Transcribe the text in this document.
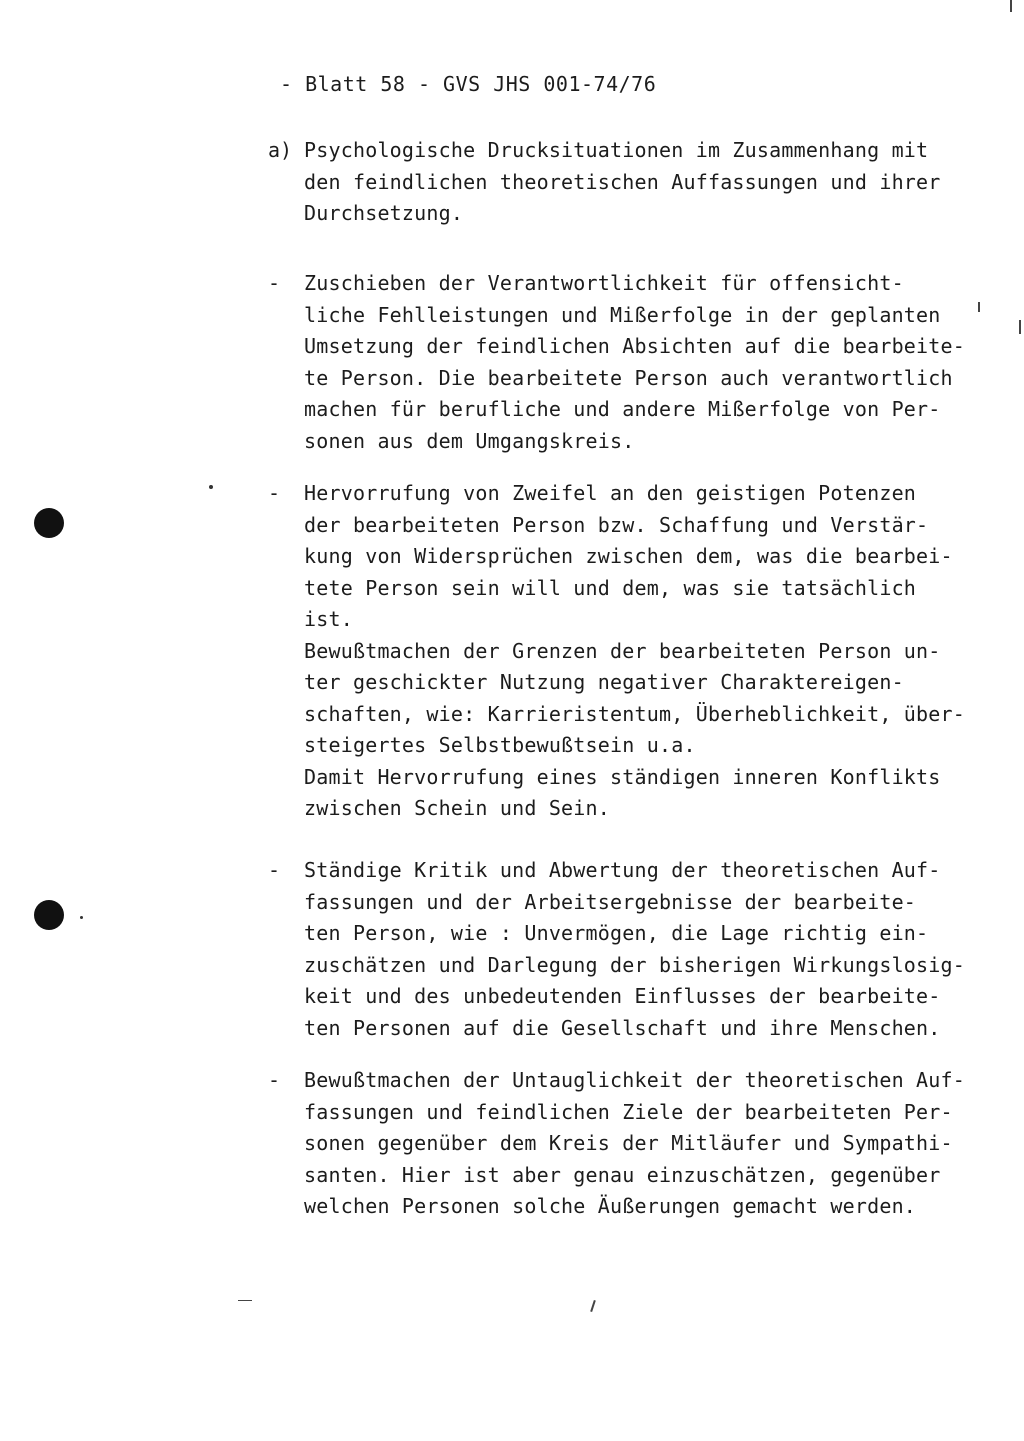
- Blatt 58 - GVS JHS 001-74/76
a) Psychologische Drucksituationen im Zusammenhang mit
den feindlichen theoretischen Auffassungen und ihrer
Durchsetzung.
- Zuschieben der Verantwortlichkeit für offensicht-
liche Fehlleistungen und Mißerfolge in der geplanten
Umsetzung der feindlichen Absichten auf die bearbeite-
te Person. Die bearbeitete Person auch verantwortlich
machen für berufliche und andere Mißerfolge von Per-
sonen aus dem Umgangskreis.
- Hervorrufung von Zweifel an den geistigen Potenzen
der bearbeiteten Person bzw. Schaffung und Verstär-
kung von Widersprüchen zwischen dem, was die bearbei-
tete Person sein will und dem, was sie tatsächlich
ist.
Bewußtmachen der Grenzen der bearbeiteten Person un-
ter geschickter Nutzung negativer Charaktereigen-
schaften, wie: Karrieristentum, Überheblichkeit, über-
steigertes Selbstbewußtsein u.a.
Damit Hervorrufung eines ständigen inneren Konflikts
zwischen Schein und Sein.
- Ständige Kritik und Abwertung der theoretischen Auf-
fassungen und der Arbeitsergebnisse der bearbeite-
ten Person, wie : Unvermögen, die Lage richtig ein-
zuschätzen und Darlegung der bisherigen Wirkungslosig-
keit und des unbedeutenden Einflusses der bearbeite-
ten Personen auf die Gesellschaft und ihre Menschen.
- Bewußtmachen der Untauglichkeit der theoretischen Auf-
fassungen und feindlichen Ziele der bearbeiteten Per-
sonen gegenüber dem Kreis der Mitläufer und Sympathi-
santen. Hier ist aber genau einzuschätzen, gegenüber
welchen Personen solche Äußerungen gemacht werden.
